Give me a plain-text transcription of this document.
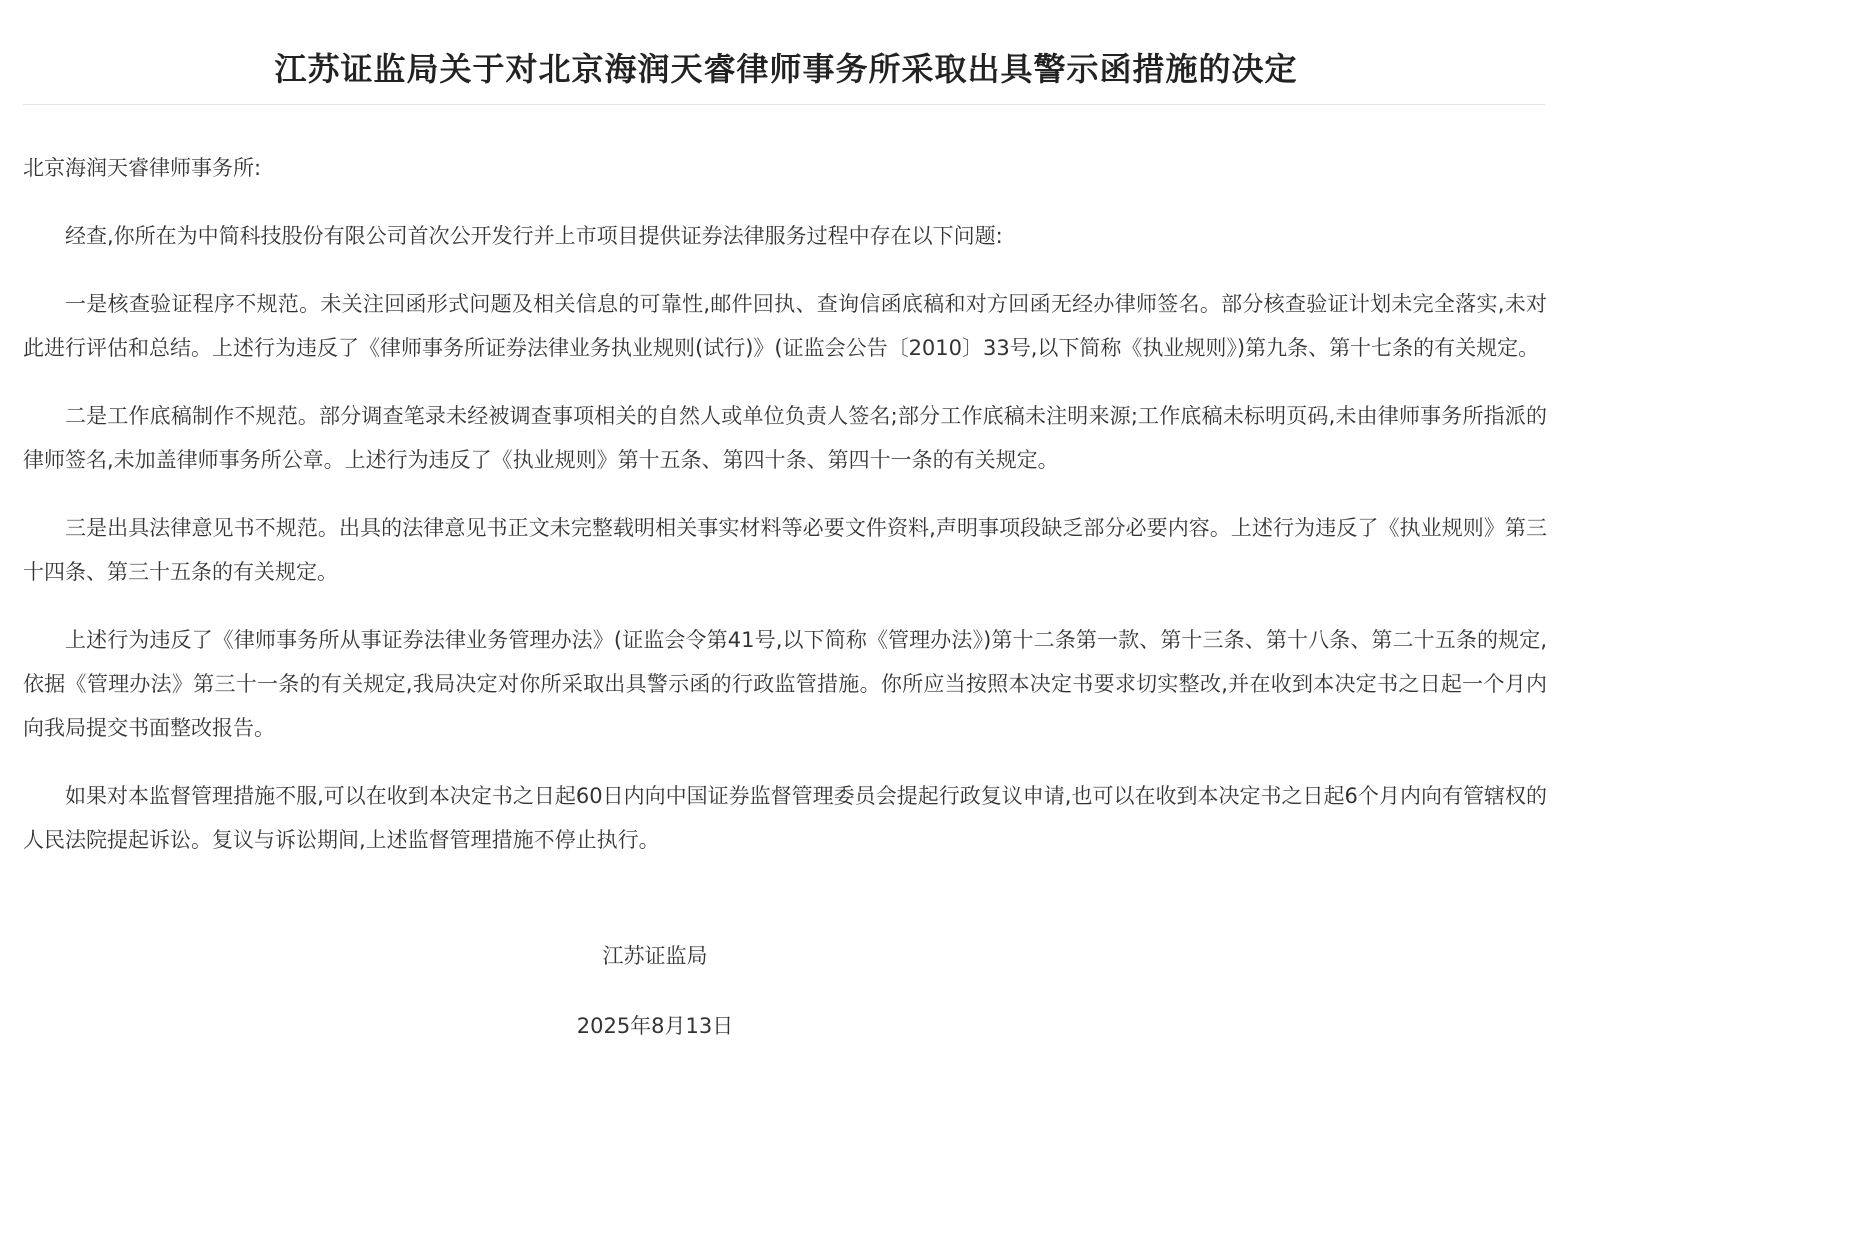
江苏证监局关于对北京海润天睿律师事务所采取出具警示函措施的决定

北京海润天睿律师事务所:

经查,你所在为中简科技股份有限公司首次公开发行并上市项目提供证券法律服务过程中存在以下问题:

一是核查验证程序不规范。未关注回函形式问题及相关信息的可靠性,邮件回执、查询信函底稿和对方回函无经办律师签名。部分核查验证计划未完全落实,未对此进行评估和总结。上述行为违反了《律师事务所证券法律业务执业规则(试行)》(证监会公告〔2010〕33号,以下简称《执业规则》)第九条、第十七条的有关规定。

二是工作底稿制作不规范。部分调查笔录未经被调查事项相关的自然人或单位负责人签名;部分工作底稿未注明来源;工作底稿未标明页码,未由律师事务所指派的律师签名,未加盖律师事务所公章。上述行为违反了《执业规则》第十五条、第四十条、第四十一条的有关规定。

三是出具法律意见书不规范。出具的法律意见书正文未完整载明相关事实材料等必要文件资料,声明事项段缺乏部分必要内容。上述行为违反了《执业规则》第三十四条、第三十五条的有关规定。

上述行为违反了《律师事务所从事证券法律业务管理办法》(证监会令第41号,以下简称《管理办法》)第十二条第一款、第十三条、第十八条、第二十五条的规定,依据《管理办法》第三十一条的有关规定,我局决定对你所采取出具警示函的行政监管措施。你所应当按照本决定书要求切实整改,并在收到本决定书之日起一个月内向我局提交书面整改报告。

如果对本监督管理措施不服,可以在收到本决定书之日起60日内向中国证券监督管理委员会提起行政复议申请,也可以在收到本决定书之日起6个月内向有管辖权的人民法院提起诉讼。复议与诉讼期间,上述监督管理措施不停止执行。

江苏证监局
2025年8月13日
